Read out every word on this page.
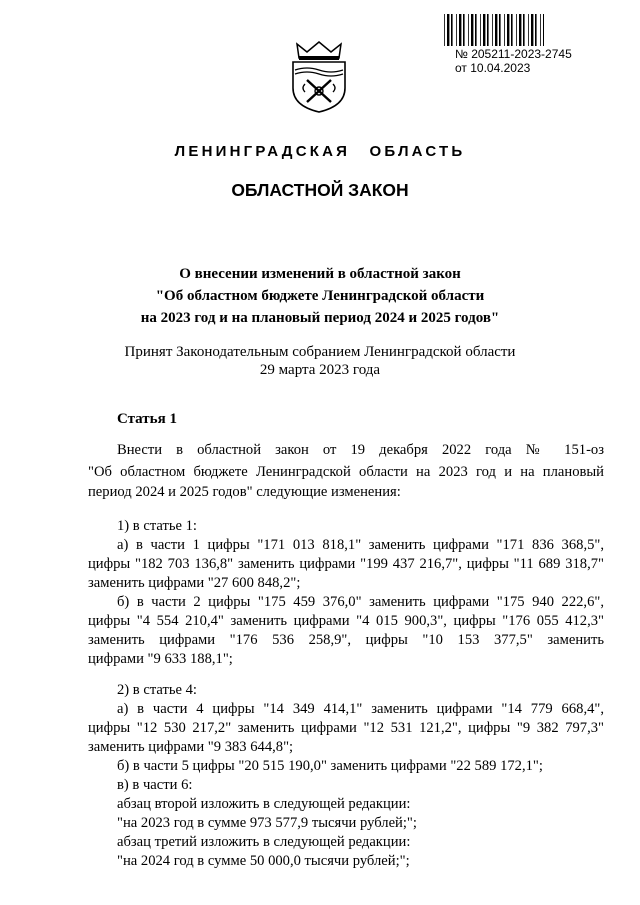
№ 205211-2023-2745
от 10.04.2023
ЛЕНИНГРАДСКАЯ ОБЛАСТЬ
ОБЛАСТНОЙ ЗАКОН
О внесении изменений в областной закон
"Об областном бюджете Ленинградской области
на 2023 год и на плановый период 2024 и 2025 годов"
Принят Законодательным собранием Ленинградской области
29 марта 2023 года
Статья 1
Внести в областной закон от 19 декабря 2022 года № 151-оз
"Об областном бюджете Ленинградской области на 2023 год и на плановый
период 2024 и 2025 годов" следующие изменения:
1) в статье 1:
а) в части 1 цифры "171 013 818,1" заменить цифрами "171 836 368,5",
цифры "182 703 136,8" заменить цифрами "199 437 216,7", цифры "11 689 318,7"
заменить цифрами "27 600 848,2";
б) в части 2 цифры "175 459 376,0" заменить цифрами "175 940 222,6",
цифры "4 554 210,4" заменить цифрами "4 015 900,3", цифры "176 055 412,3"
заменить цифрами "176 536 258,9", цифры "10 153 377,5" заменить
цифрами "9 633 188,1";
2) в статье 4:
а) в части 4 цифры "14 349 414,1" заменить цифрами "14 779 668,4",
цифры "12 530 217,2" заменить цифрами "12 531 121,2", цифры "9 382 797,3"
заменить цифрами "9 383 644,8";
б) в части 5 цифры "20 515 190,0" заменить цифрами "22 589 172,1";
в) в части 6:
абзац второй изложить в следующей редакции:
"на 2023 год в сумме 973 577,9 тысячи рублей;";
абзац третий изложить в следующей редакции:
"на 2024 год в сумме 50 000,0 тысячи рублей;";
